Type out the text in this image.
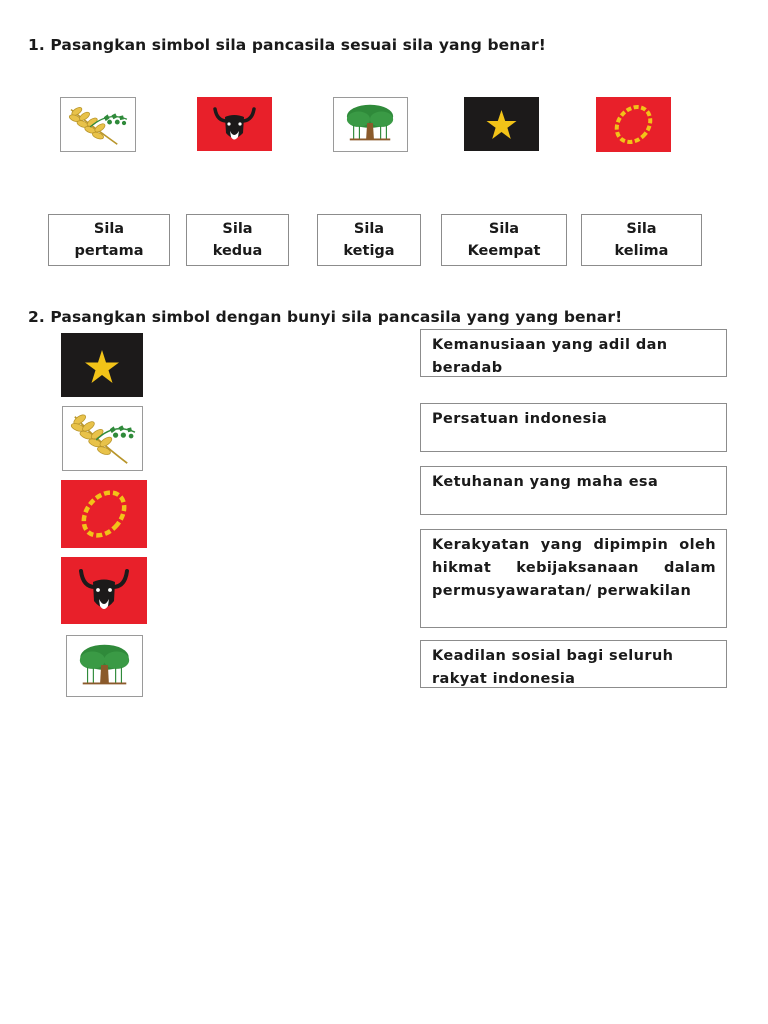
1. Pasangkan simbol sila pancasila sesuai sila yang benar!
Sila
pertama
Sila
kedua
Sila
ketiga
Sila
Keempat
Sila
kelima
2. Pasangkan simbol dengan bunyi sila pancasila yang yang benar!
Kemanusiaan yang adil dan beradab
Persatuan indonesia
Ketuhanan yang maha esa
Kerakyatan yang dipimpin oleh hikmat kebijaksanaan dalam permusyawaratan/ perwakilan
Keadilan sosial bagi seluruh rakyat indonesia
